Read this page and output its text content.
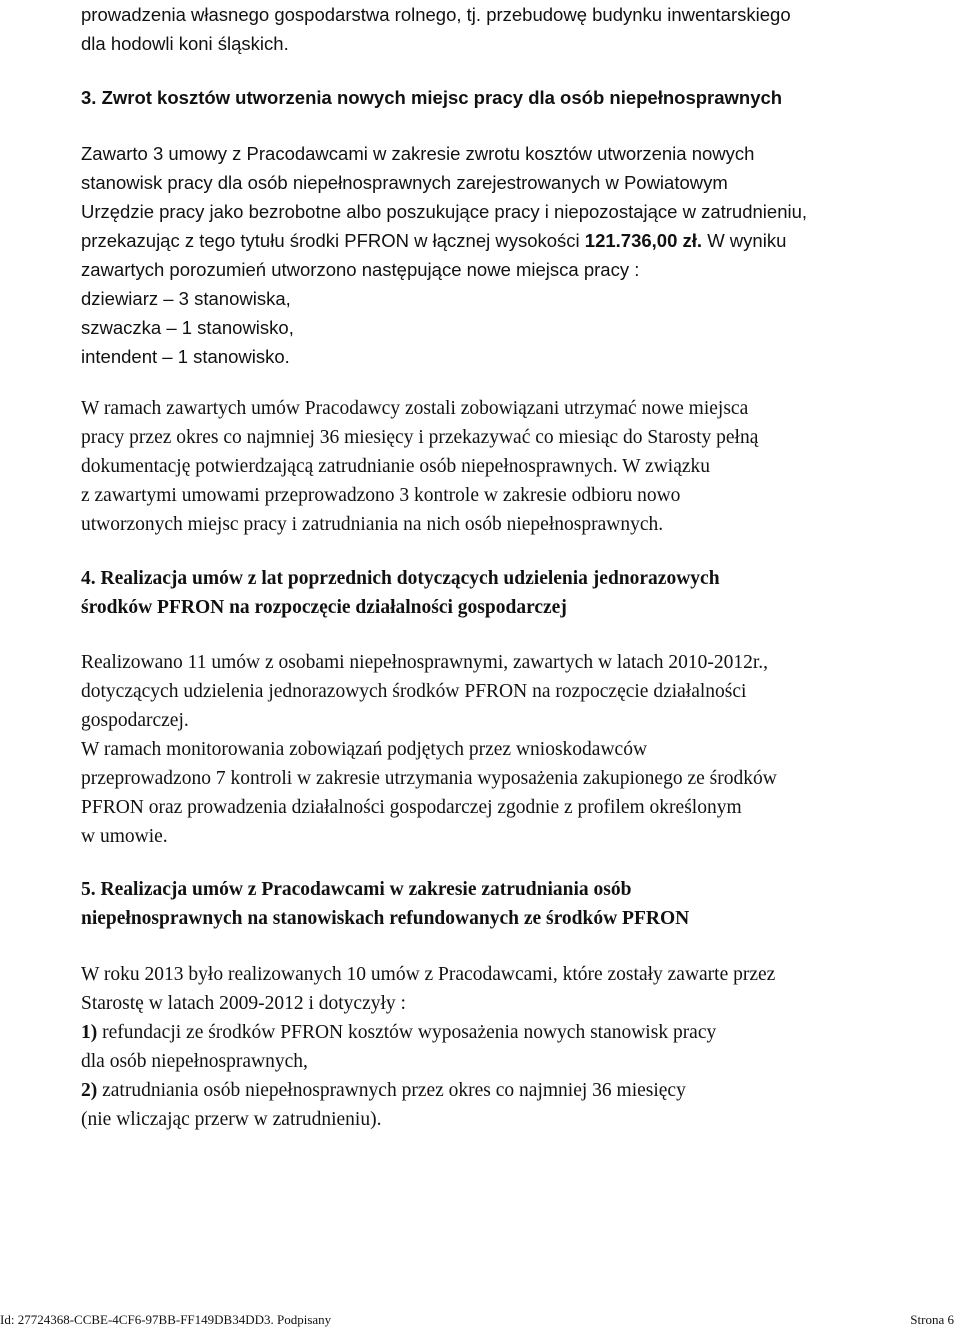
prowadzenia własnego gospodarstwa rolnego, tj. przebudowę budynku inwentarskiego
dla hodowli koni śląskich.
3. Zwrot kosztów utworzenia nowych miejsc pracy dla osób niepełnosprawnych
Zawarto 3 umowy z Pracodawcami w zakresie zwrotu kosztów utworzenia nowych
stanowisk pracy dla osób niepełnosprawnych zarejestrowanych w Powiatowym
Urzędzie pracy jako bezrobotne albo poszukujące pracy i niepozostające w zatrudnieniu,
przekazując z tego tytułu środki PFRON w łącznej wysokości 121.736,00 zł. W wyniku
zawartych porozumień utworzono następujące nowe miejsca pracy :
dziewiarz – 3 stanowiska,
szwaczka – 1 stanowisko,
intendent – 1 stanowisko.
W ramach zawartych umów Pracodawcy zostali zobowiązani utrzymać nowe miejsca
pracy przez okres co najmniej 36 miesięcy i przekazywać co miesiąc do Starosty pełną
dokumentację potwierdzającą zatrudnianie osób niepełnosprawnych. W związku
z zawartymi umowami przeprowadzono 3 kontrole w zakresie odbioru nowo
utworzonych miejsc pracy i zatrudniania na nich osób niepełnosprawnych.
4. Realizacja umów z lat poprzednich dotyczących udzielenia jednorazowych
środków PFRON na rozpoczęcie działalności gospodarczej
Realizowano 11 umów z osobami niepełnosprawnymi, zawartych w latach 2010-2012r.,
dotyczących udzielenia jednorazowych środków PFRON na rozpoczęcie działalności
gospodarczej.
W ramach monitorowania zobowiązań podjętych przez wnioskodawców
przeprowadzono 7 kontroli w zakresie utrzymania wyposażenia zakupionego ze środków
PFRON oraz prowadzenia działalności gospodarczej zgodnie z profilem określonym
w umowie.
5. Realizacja umów z Pracodawcami w zakresie zatrudniania osób
niepełnosprawnych na stanowiskach refundowanych ze środków PFRON
W roku 2013 było realizowanych 10 umów z Pracodawcami, które zostały zawarte przez
Starostę w latach 2009-2012 i dotyczyły :
1) refundacji ze środków PFRON kosztów wyposażenia nowych stanowisk pracy
dla osób niepełnosprawnych,
2) zatrudniania osób niepełnosprawnych przez okres co najmniej 36 miesięcy
(nie wliczając przerw w zatrudnieniu).
Id: 27724368-CCBE-4CF6-97BB-FF149DB34DD3. Podpisany	Strona 6
